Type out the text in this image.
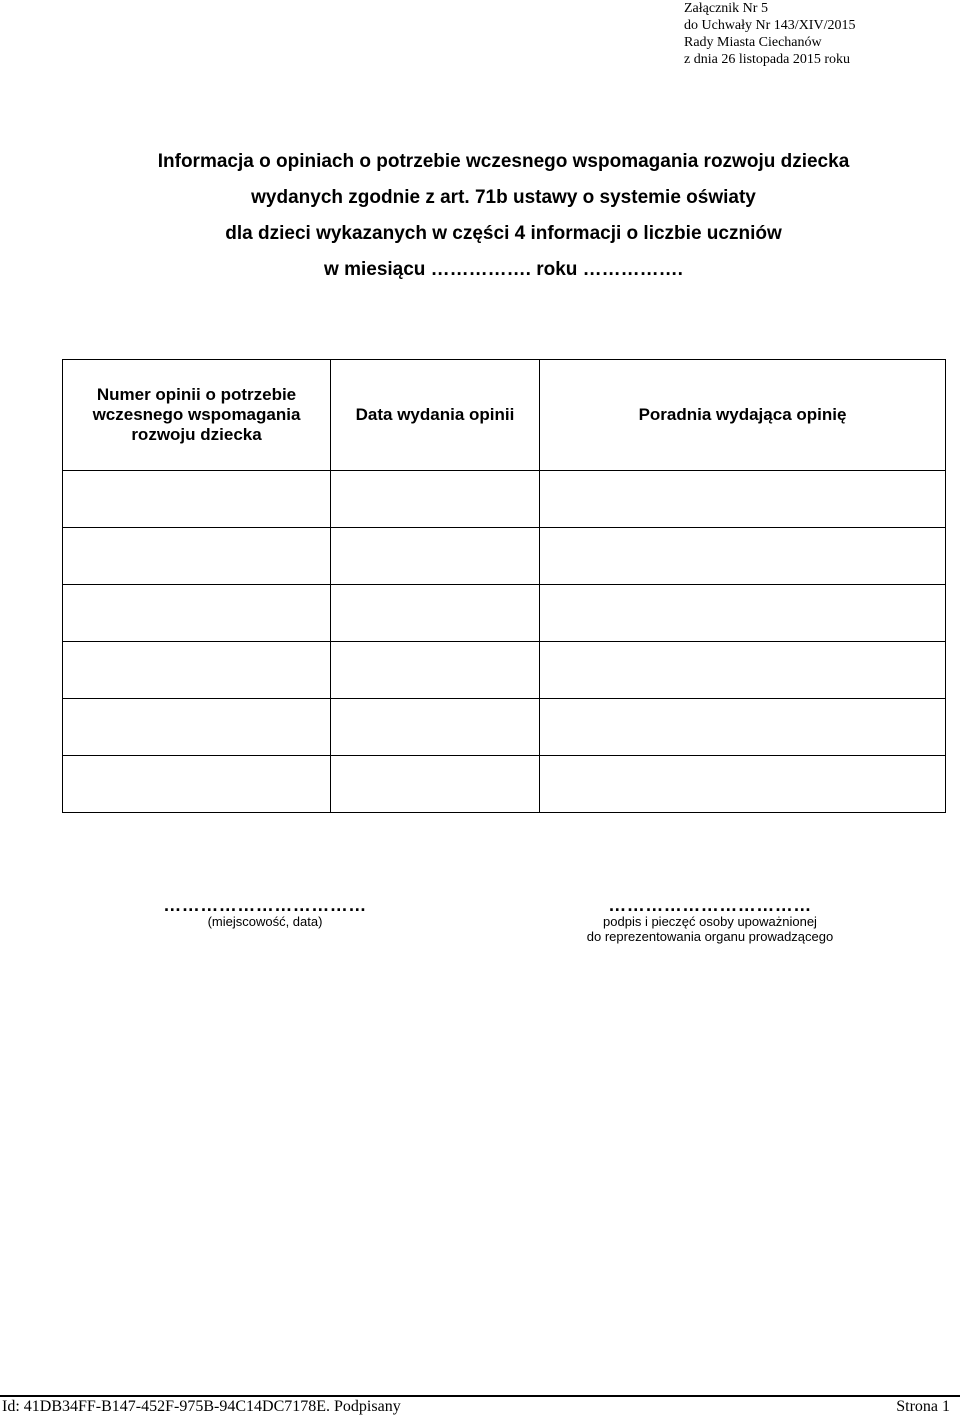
Załącznik Nr 5
do Uchwały Nr 143/XIV/2015
Rady Miasta Ciechanów
z dnia 26 listopada 2015 roku
Informacja o opiniach o potrzebie wczesnego wspomagania rozwoju dziecka
wydanych zgodnie z art. 71b ustawy o systemie oświaty
dla dzieci wykazanych w części 4 informacji o liczbie uczniów
w miesiącu ……………. roku …………….
Numer opinii o potrzebie wczesnego wspomagania rozwoju dziecka	Data wydania opinii	Poradnia wydająca opinię

……………………………
(miejscowość, data)
……………………………
podpis i pieczęć osoby upoważnionej
do reprezentowania organu prowadzącego
Id: 41DB34FF-B147-452F-975B-94C14DC7178E. Podpisany	Strona 1
